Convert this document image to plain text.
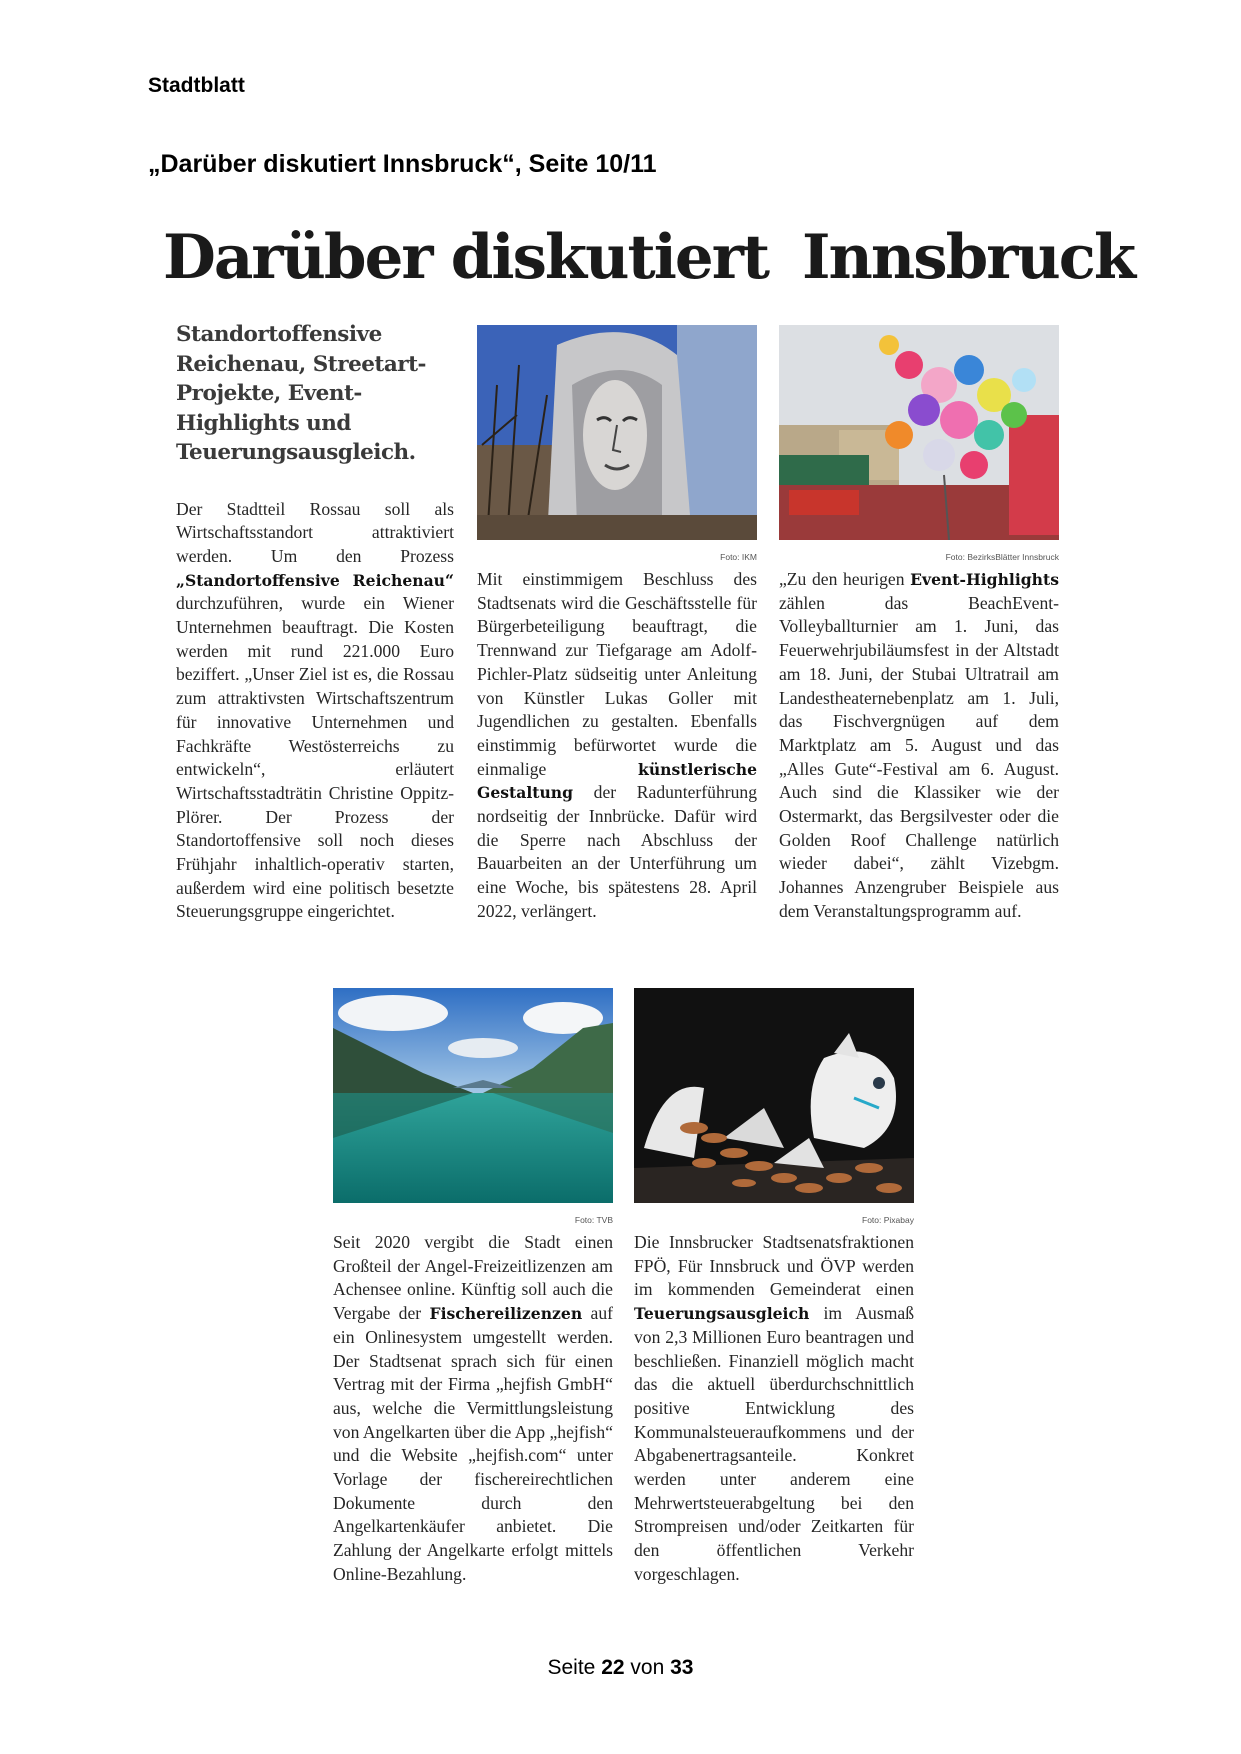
Stadtblatt
„Darüber diskutiert Innsbruck“, Seite 10/11
Darüber diskutiert Innsbruck

Standortoffensive Reichenau, Streetart-Projekte, Event-Highlights und Teuerungsausgleich.

Der Stadtteil Rossau soll als Wirtschaftsstandort attraktiviert werden. Um den Prozess „Standortoffensive Reichenau“ durchzuführen, wurde ein Wiener Unternehmen beauftragt. Die Kosten werden mit rund 221.000 Euro beziffert. „Unser Ziel ist es, die Rossau zum attraktivsten Wirtschaftszentrum für innovative Unternehmen und Fachkräfte Westösterreichs zu entwickeln“, erläutert Wirtschaftsstadträtin Christine Oppitz-Plörer. Der Prozess der Standortoffensive soll noch dieses Frühjahr inhaltlich-operativ starten, außerdem wird eine politisch besetzte Steuerungsgruppe eingerichtet.

Foto: IKM

Mit einstimmigem Beschluss des Stadtsenats wird die Geschäftsstelle für Bürgerbeteiligung beauftragt, die Trennwand zur Tiefgarage am Adolf-Pichler-Platz südseitig unter Anleitung von Künstler Lukas Goller mit Jugendlichen zu gestalten. Ebenfalls einstimmig befürwortet wurde die einmalige künstlerische Gestaltung der Radunterführung nordseitig der Innbrücke. Dafür wird die Sperre nach Abschluss der Bauarbeiten an der Unterführung um eine Woche, bis spätestens 28. April 2022, verlängert.

Foto: BezirksBlätter Innsbruck

„Zu den heurigen Event-Highlights zählen das BeachEvent-Volleyballturnier am 1. Juni, das Feuerwehrjubiläumsfest in der Altstadt am 18. Juni, der Stubai Ultratrail am Landestheaternebenplatz am 1. Juli, das Fischvergnügen auf dem Marktplatz am 5. August und das „Alles Gute“-Festival am 6. August. Auch sind die Klassiker wie der Ostermarkt, das Bergsilvester oder die Golden Roof Challenge natürlich wieder dabei“, zählt Vizebgm. Johannes Anzengruber Beispiele aus dem Veranstaltungsprogramm auf.

Foto: TVB

Seit 2020 vergibt die Stadt einen Großteil der Angel-Freizeitlizenzen am Achensee online. Künftig soll auch die Vergabe der Fischereilizenzen auf ein Onlinesystem umgestellt werden. Der Stadtsenat sprach sich für einen Vertrag mit der Firma „hejfish GmbH“ aus, welche die Vermittlungsleistung von Angelkarten über die App „hejfish“ und die Website „hejfish.com“ unter Vorlage der fischereirechtlichen Dokumente durch den Angelkartenkäufer anbietet. Die Zahlung der Angelkarte erfolgt mittels Online-Bezahlung.

Foto: Pixabay

Die Innsbrucker Stadtsenatsfraktionen FPÖ, Für Innsbruck und ÖVP werden im kommenden Gemeinderat einen Teuerungsausgleich im Ausmaß von 2,3 Millionen Euro beantragen und beschließen. Finanziell möglich macht das die aktuell überdurchschnittlich positive Entwicklung des Kommunalsteueraufkommens und der Abgabenertragsanteile. Konkret werden unter anderem eine Mehrwertsteuerabgeltung bei den Strompreisen und/oder Zeitkarten für den öffentlichen Verkehr vorgeschlagen.

Seite 22 von 33
